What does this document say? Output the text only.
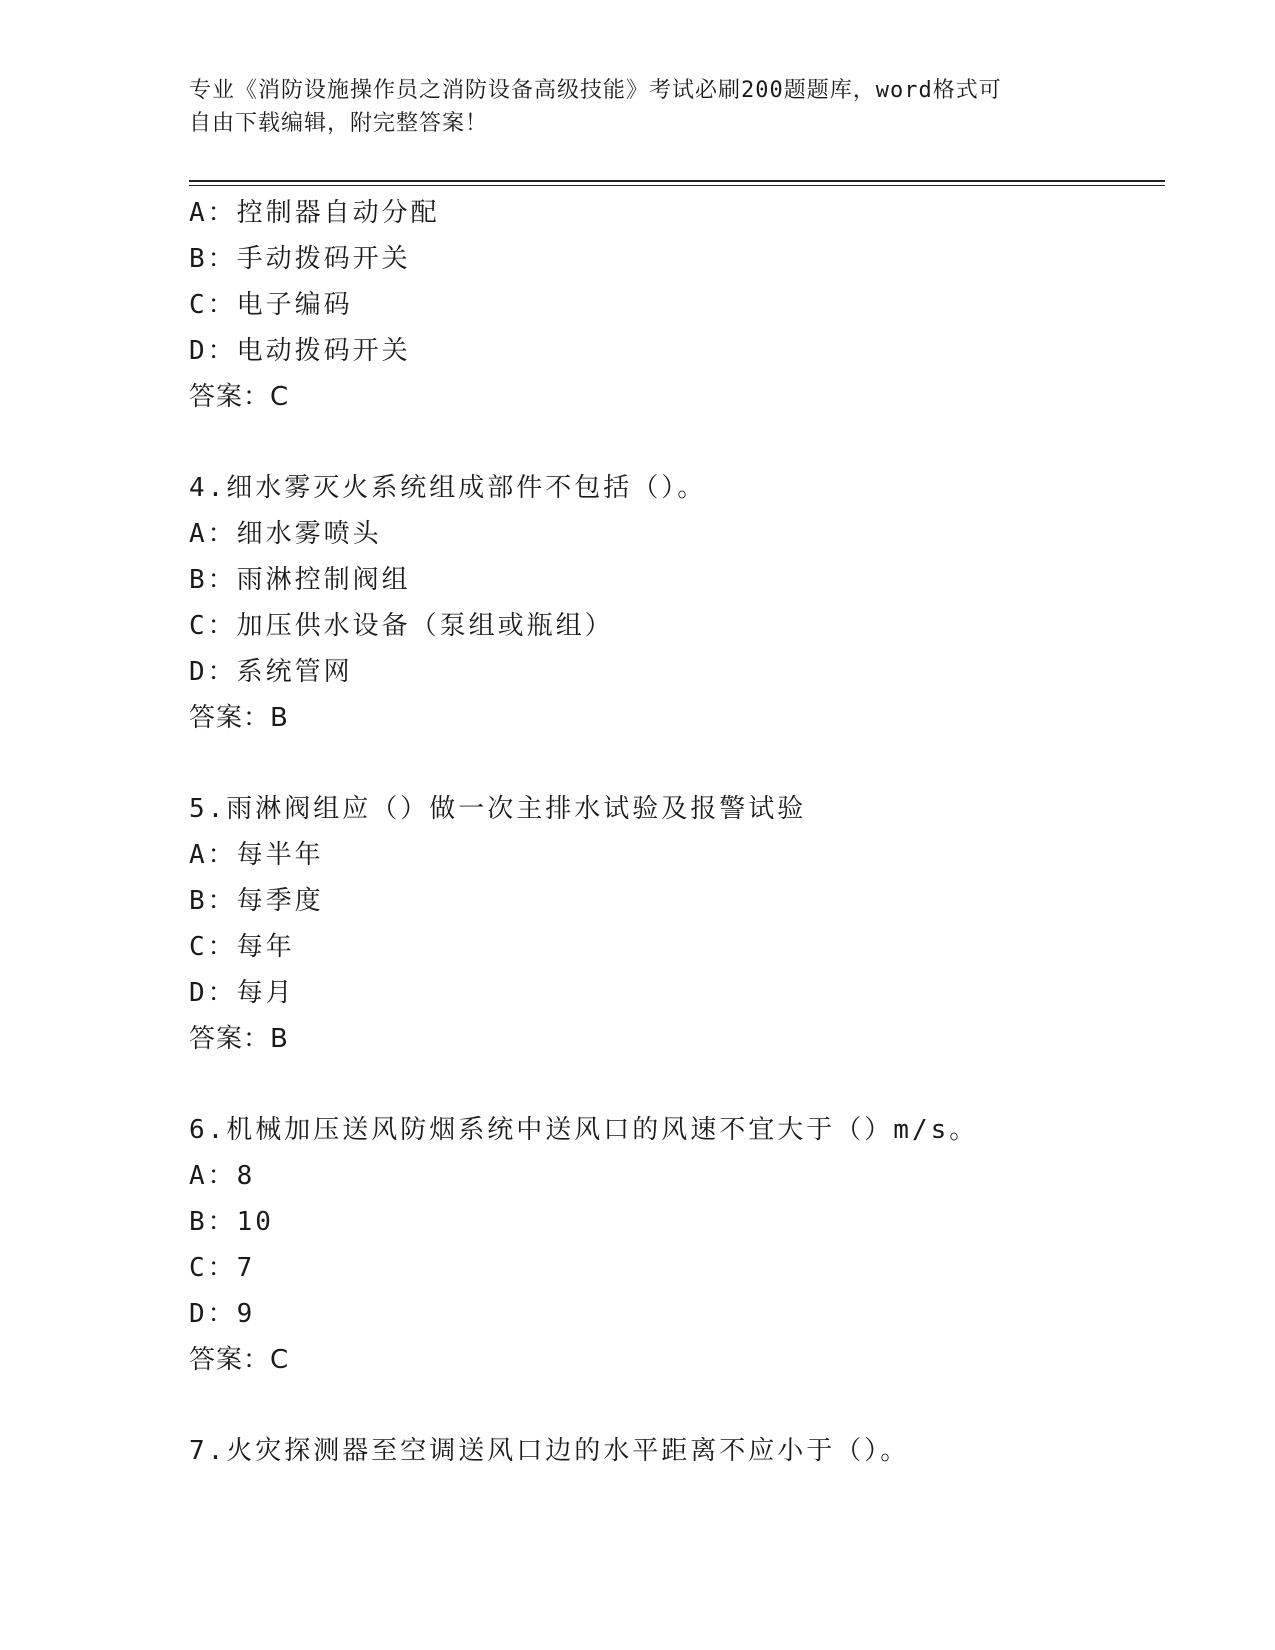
专业《消防设施操作员之消防设备高级技能》考试必刷200题题库，word格式可
自由下载编辑，附完整答案！
A：控制器自动分配
B：手动拨码开关
C：电子编码
D：电动拨码开关
答案：C
4.细水雾灭火系统组成部件不包括（）。
A：细水雾喷头
B：雨淋控制阀组
C：加压供水设备（泵组或瓶组）
D：系统管网
答案：B
5.雨淋阀组应（）做一次主排水试验及报警试验
A：每半年
B：每季度
C：每年
D：每月
答案：B
6.机械加压送风防烟系统中送风口的风速不宜大于（）m/s。
A：8
B：10
C：7
D：9
答案：C
7.火灾探测器至空调送风口边的水平距离不应小于（）。
